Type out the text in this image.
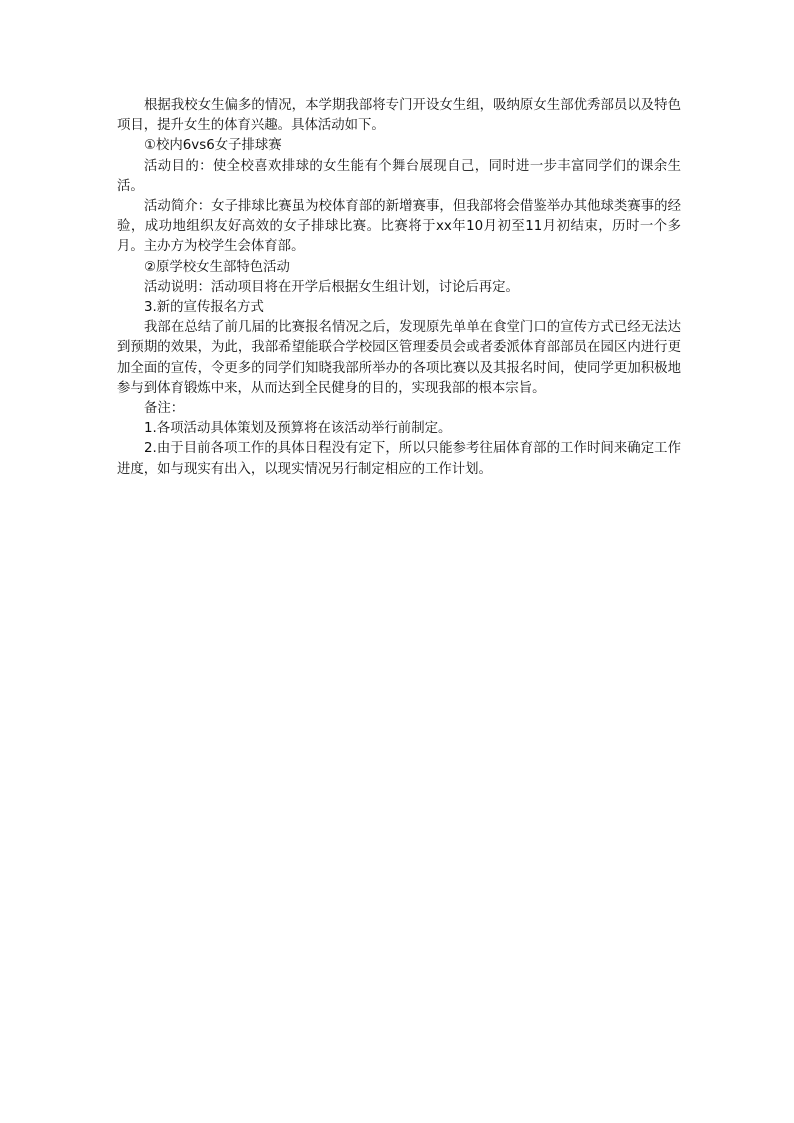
根据我校女生偏多的情况，本学期我部将专门开设女生组，吸纳原女生部优秀部员以及特色项目，提升女生的体育兴趣。具体活动如下。

①校内6vs6女子排球赛

活动目的：使全校喜欢排球的女生能有个舞台展现自己，同时进一步丰富同学们的课余生活。

活动简介：女子排球比赛虽为校体育部的新增赛事，但我部将会借鉴举办其他球类赛事的经验，成功地组织友好高效的女子排球比赛。比赛将于xx年10月初至11月初结束，历时一个多月。主办方为校学生会体育部。

②原学校女生部特色活动

活动说明：活动项目将在开学后根据女生组计划，讨论后再定。

3.新的宣传报名方式

我部在总结了前几届的比赛报名情况之后，发现原先单单在食堂门口的宣传方式已经无法达到预期的效果，为此，我部希望能联合学校园区管理委员会或者委派体育部部员在园区内进行更加全面的宣传，令更多的同学们知晓我部所举办的各项比赛以及其报名时间，使同学更加积极地参与到体育锻炼中来，从而达到全民健身的目的，实现我部的根本宗旨。

备注：

1.各项活动具体策划及预算将在该活动举行前制定。

2.由于目前各项工作的具体日程没有定下，所以只能参考往届体育部的工作时间来确定工作进度，如与现实有出入，以现实情况另行制定相应的工作计划。
